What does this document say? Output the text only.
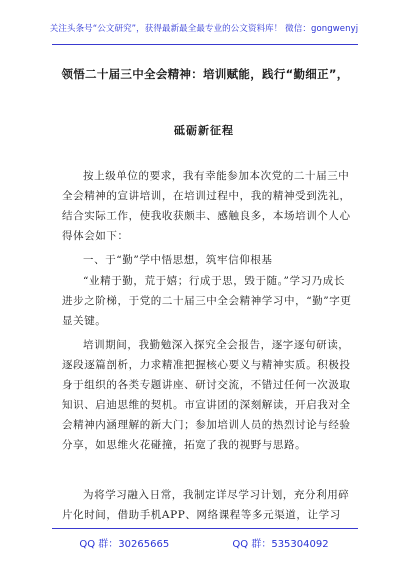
关注头条号“公文研究”，获得最新最全最专业的公文资料库！ 微信：gongwenyj
领悟二十届三中全会精神：培训赋能，践行“勤细正”，
砥砺新征程

按上级单位的要求，我有幸能参加本次党的二十届三中全会精神的宣讲培训，在培训过程中，我的精神受到洗礼，结合实际工作，使我收获颇丰、感触良多，本场培训个人心得体会如下：

一、于“勤”学中悟思想，筑牢信仰根基

“业精于勤，荒于嬉；行成于思，毁于随。”学习乃成长进步之阶梯，于党的二十届三中全会精神学习中，“勤”字更显关键。

培训期间，我勤勉深入探究全会报告，逐字逐句研读，逐段逐篇剖析，力求精准把握核心要义与精神实质。积极投身于组织的各类专题讲座、研讨交流，不错过任何一次汲取知识、启迪思维的契机。市宣讲团的深刻解读，开启我对全会精神内涵理解的新大门；参加培训人员的热烈讨论与经验分享，如思维火花碰撞，拓宽了我的视野与思路。

为将学习融入日常，我制定详尽学习计划，充分利用碎片化时间，借助手机APP、网络课程等多元渠道，让学习

QQ 群：30265665	QQ 群：535304092
